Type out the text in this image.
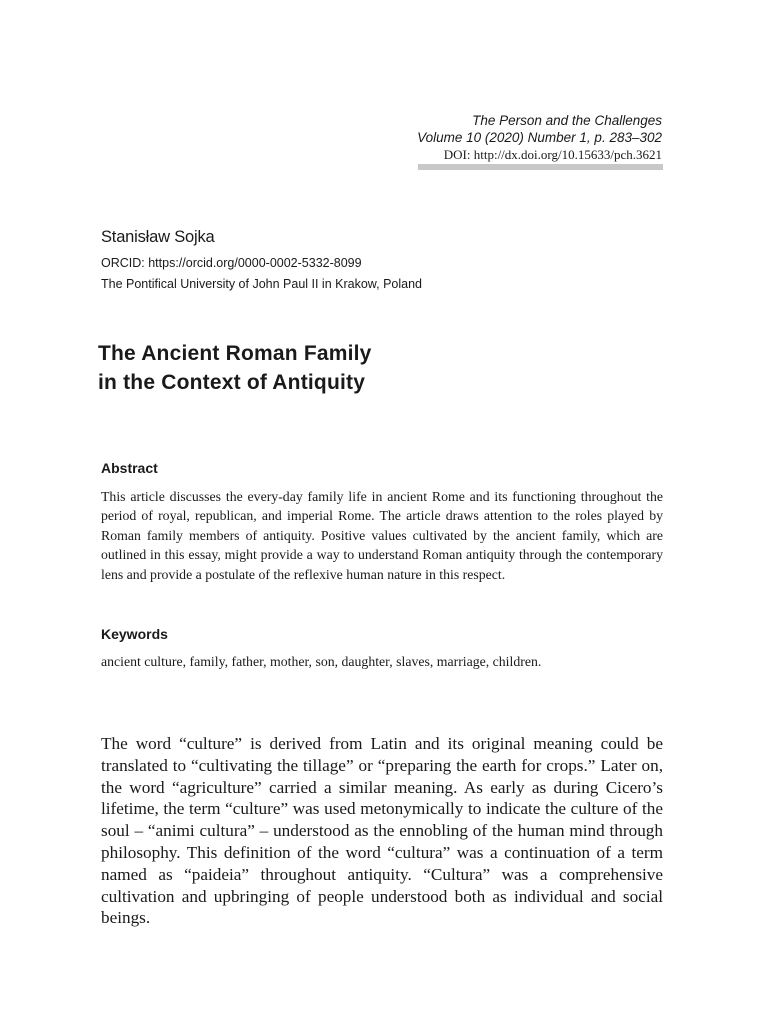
The Person and the Challenges
Volume 10 (2020) Number 1, p. 283–302
DOI: http://dx.doi.org/10.15633/pch.3621
Stanisław Sojka
ORCID: https://orcid.org/0000-0002-5332-8099
The Pontifical University of John Paul II in Krakow, Poland
The Ancient Roman Family
in the Context of Antiquity
Abstract
This article discusses the every-day family life in ancient Rome and its functioning throughout the period of royal, republican, and imperial Rome. The article draws attention to the roles played by Roman family members of antiquity. Positive values cultivated by the ancient family, which are outlined in this essay, might provide a way to understand Roman antiquity through the contemporary lens and provide a postulate of the reflexive human nature in this respect.
Keywords
ancient culture, family, father, mother, son, daughter, slaves, marriage, children.
The word “culture” is derived from Latin and its original meaning could be translated to “cultivating the tillage” or “preparing the earth for crops.” Later on, the word “agriculture” carried a similar meaning. As early as during Cicero’s lifetime, the term “culture” was used metonymically to indicate the culture of the soul – “animi cultura” – understood as the ennobling of the human mind through philosophy. This definition of the word “cultura” was a continuation of a term named as “paideia” throughout antiquity. “Cultura” was a comprehensive cultivation and upbringing of people understood both as individual and social beings.
